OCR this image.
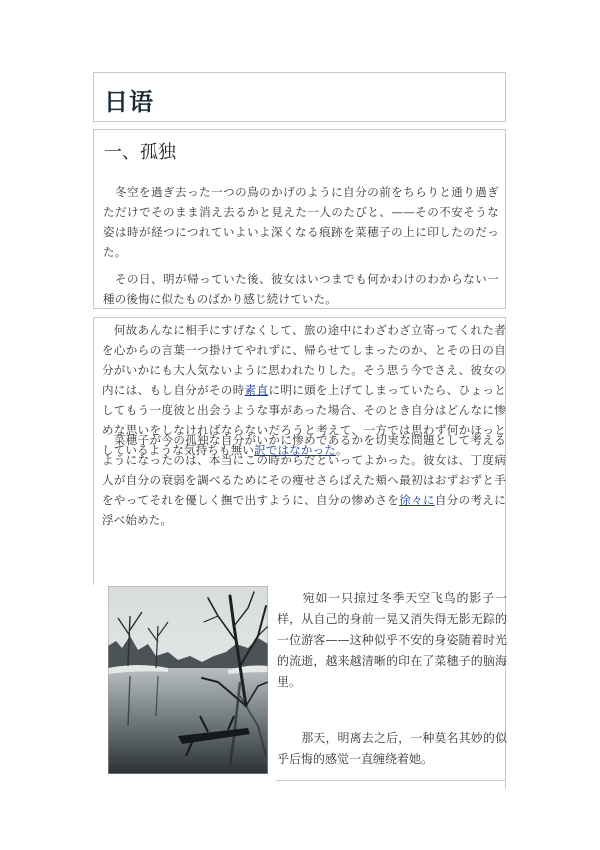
日语
一、孤独

　冬空を過ぎ去った一つの鳥のかげのように自分の前をちらりと通り過ぎただけでそのまま消え去るかと見えた一人のたびと、——その不安そうな姿は時が経つにつれていよいよ深くなる痕跡を菜穂子の上に印したのだった。

　その日、明が帰っていた後、彼女はいつまでも何かわけのわからない一種の後悔に似たものばかり感じ続けていた。

　何故あんなに相手にすげなくして、旅の途中にわざわざ立寄ってくれた者を心からの言葉一つ掛けてやれずに、帰らせてしまったのか、とその日の自分がいかにも大人気ないように思われたりした。そう思う今でさえ、彼女の内には、もし自分がその時素直に明に頭を上げてしまっていたら、ひょっとしてもう一度彼と出会うような事があった場合、そのとき自分はどんなに惨めな思いをしなければならないだろうと考えて、一方では思わず何かほっとしているような気持ちも無い訳ではなかった。

　菜穂子が今の孤独な自分がいかに惨めであるかを切実な問題として考えるようになったのは、本当にこの時からだといってよかった。彼女は、丁度病人が自分の衰弱を調べるためにその痩せさらばえた頬へ最初はおずおずと手をやってそれを優しく撫で出すように、自分の惨めさを徐々に自分の考えに浮べ始めた。

　　宛如一只掠过冬季天空飞鸟的影子一样，从自己的身前一晃又消失得无影无踪的一位游客——这种似乎不安的身姿随着时光的流逝，越来越清晰的印在了菜穗子的脑海里。

　　那天，明离去之后，一种莫名其妙的似乎后悔的感觉一直缠绕着她。
